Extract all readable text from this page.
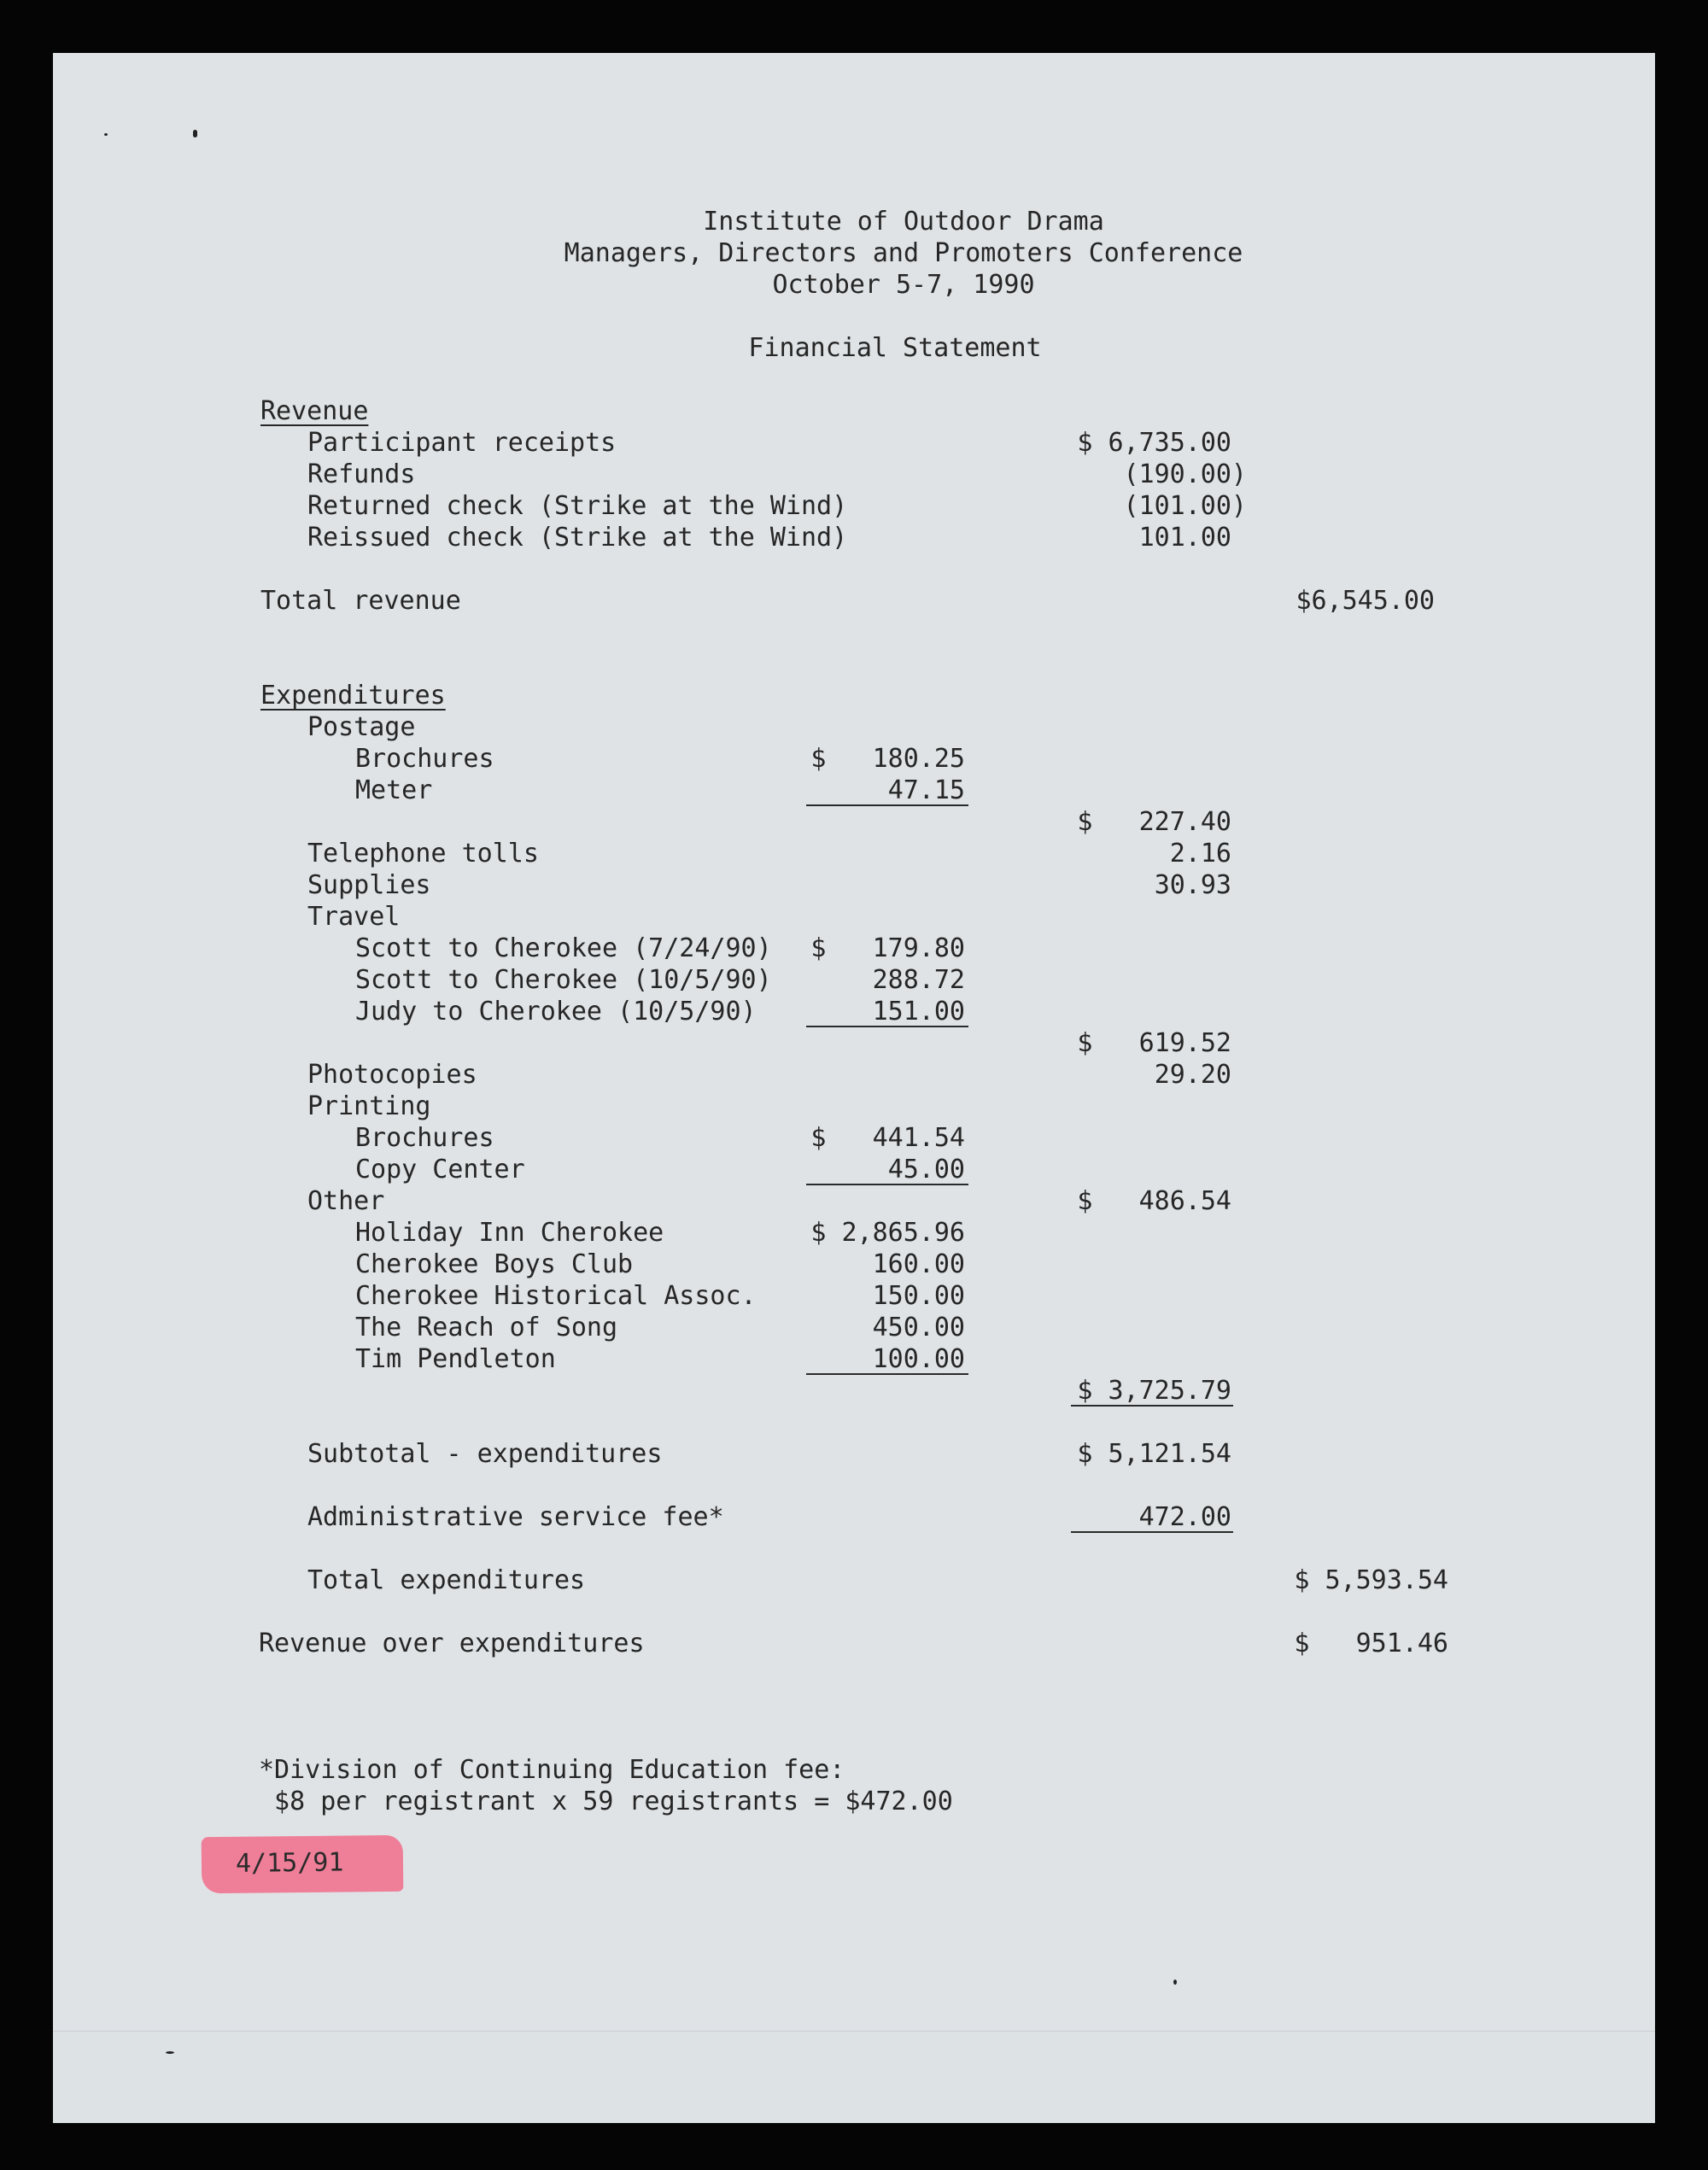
Institute of Outdoor Drama

Managers, Directors and Promoters Conference

October 5-7, 1990

Financial Statement

Revenue

Participant receipts	$ 6,735.00

Refunds	(190.00)

Returned check (Strike at the Wind)	(101.00)

Reissued check (Strike at the Wind)	101.00

Total revenue	$6,545.00

Expenditures

Postage

Brochures	$   180.25

Meter	47.15

$   227.40

Telephone tolls	2.16

Supplies	30.93

Travel

Scott to Cherokee (7/24/90) $   179.80

Scott to Cherokee (10/5/90)	288.72

Judy to Cherokee (10/5/90)	151.00

$   619.52

Photocopies	29.20

Printing

Brochures	$   441.54

Copy Center	45.00

Other	$   486.54

Holiday Inn Cherokee	$ 2,865.96

Cherokee Boys Club	160.00

Cherokee Historical Assoc.	150.00

The Reach of Song	450.00

Tim Pendleton	100.00

$ 3,725.79

Subtotal - expenditures	$ 5,121.54

Administrative service fee*	472.00

Total expenditures	$ 5,593.54

Revenue over expenditures	$   951.46

*Division of Continuing Education fee:

$8 per registrant x 59 registrants = $472.00

4/15/91
